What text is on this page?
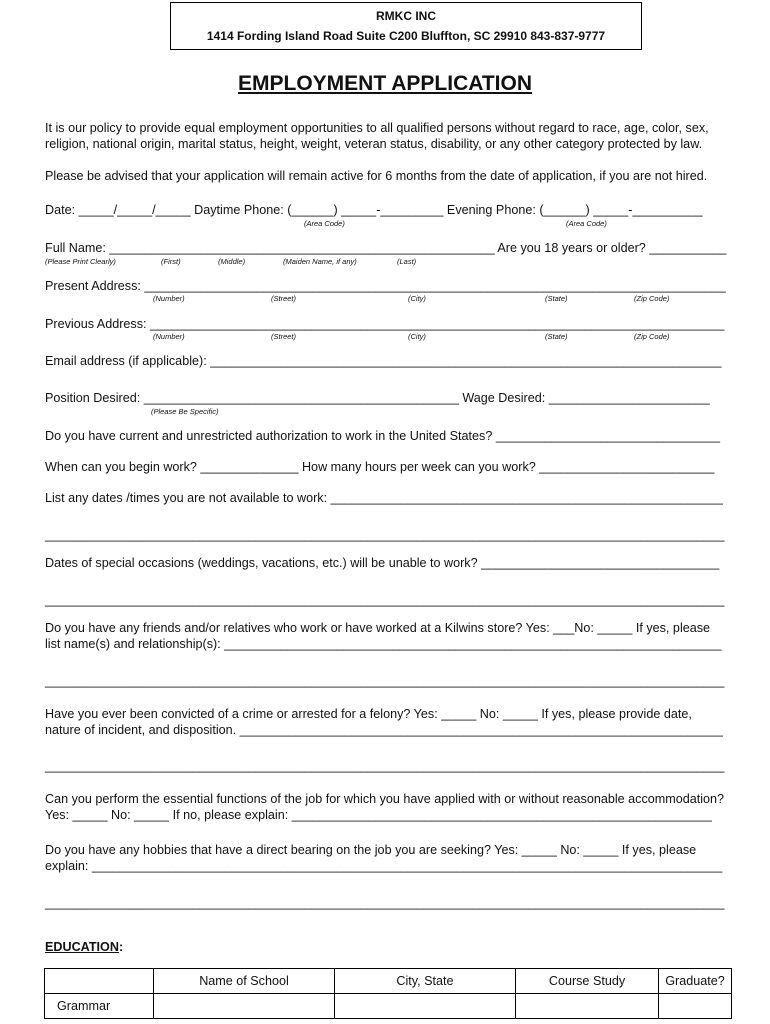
RMKC INC
1414 Fording Island Road Suite C200 Bluffton, SC 29910 843-837-9777
EMPLOYMENT APPLICATION
It is our policy to provide equal employment opportunities to all qualified persons without regard to race, age, color, sex,
religion, national origin, marital status, height, weight, veteran status, disability, or any other category protected by law.
Please be advised that your application will remain active for 6 months from the date of application, if you are not hired.
Date: _____/_____/_____ Daytime Phone: (______) _____-_________ Evening Phone: (______) _____-__________
(Area Code)	(Area Code)
Full Name: _______________________________________________________ Are you 18 years or older? ___________
(Please Print Clearly)	(First)	(Middle)	(Maiden Name, if any)	(Last)
Present Address: ___________________________________________________________________________________
(Number)	(Street)	(City)	(State)	(Zip Code)
Previous Address: __________________________________________________________________________________
(Number)	(Street)	(City)	(State)	(Zip Code)
Email address (if applicable): _________________________________________________________________________
Position Desired: _____________________________________________ Wage Desired: _______________________
(Please Be Specific)
Do you have current and unrestricted authorization to work in the United States? ________________________________
When can you begin work? ______________ How many hours per week can you work? _________________________
List any dates /times you are not available to work: ________________________________________________________
_________________________________________________________________________________________________
Dates of special occasions (weddings, vacations, etc.) will be unable to work? __________________________________
_________________________________________________________________________________________________
Do you have any friends and/or relatives who work or have worked at a Kilwins store? Yes: ___No: _____ If yes, please
list name(s) and relationship(s): _______________________________________________________________________
_________________________________________________________________________________________________
Have you ever been convicted of a crime or arrested for a felony? Yes: _____ No: _____ If yes, please provide date,
nature of incident, and disposition. _____________________________________________________________________
_________________________________________________________________________________________________
Can you perform the essential functions of the job for which you have applied with or without reasonable accommodation?
Yes: _____ No: _____ If no, please explain: ____________________________________________________________
Do you have any hobbies that have a direct bearing on the job you are seeking? Yes: _____ No: _____ If yes, please
explain: __________________________________________________________________________________________
_________________________________________________________________________________________________
EDUCATION:
	Name of School	City, State	Course Study	Graduate?
Grammar				
